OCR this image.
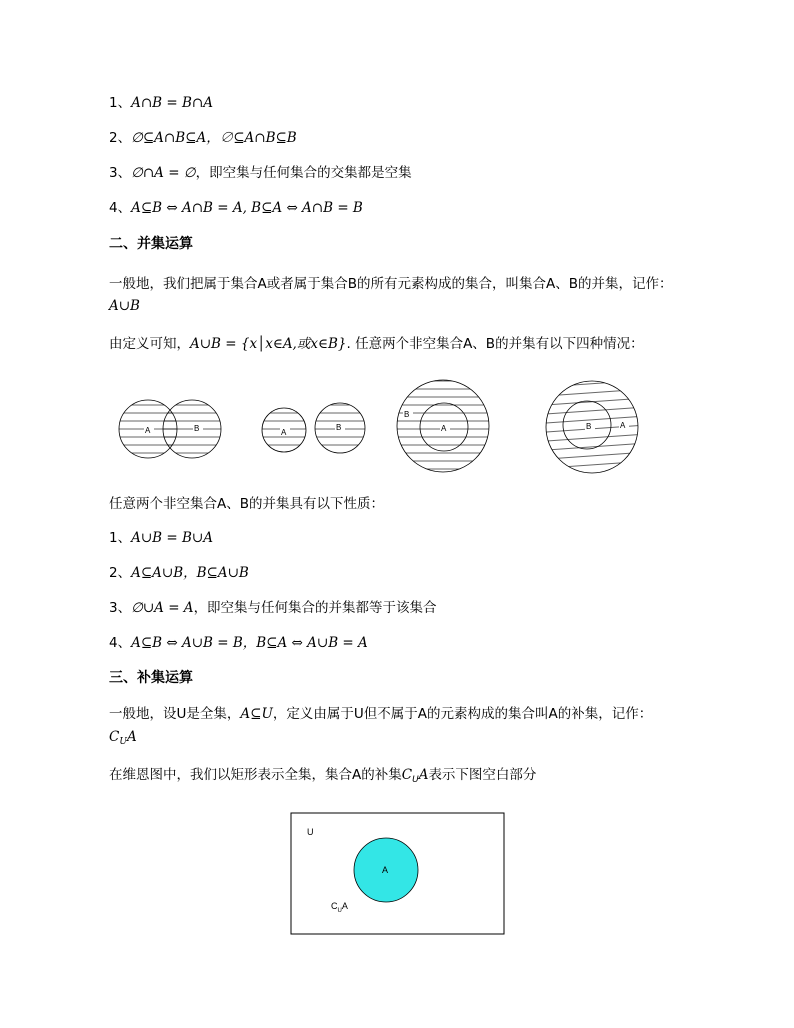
1、A∩B = B∩A
2、∅⊆A∩B⊆A，∅⊆A∩B⊆B
3、∅∩A = ∅，即空集与任何集合的交集都是空集
4、A⊆B ⇔ A∩B = A, B⊆A ⇔ A∩B = B
二、并集运算
一般地，我们把属于集合A或者属于集合B的所有元素构成的集合，叫集合A、B的并集，记作：
A∪B
由定义可知，A∪B = {x│x∈A,或x∈B}. 任意两个非空集合A、B的并集有以下四种情况：
A	B	A
B
B
A	B	A
任意两个非空集合A、B的并集具有以下性质：
1、A∪B = B∪A
2、A⊆A∪B，B⊆A∪B
3、∅∪A = A，即空集与任何集合的并集都等于该集合
4、A⊆B ⇔ A∪B = B，B⊆A ⇔ A∪B = A
三、补集运算
一般地，设U是全集，A⊆U，定义由属于U但不属于A的元素构成的集合叫A的补集，记作：
$C_UA$
在维恩图中，我们以矩形表示全集，集合A的补集$C_UA$表示下图空白部分
U
A
$C_UA$
